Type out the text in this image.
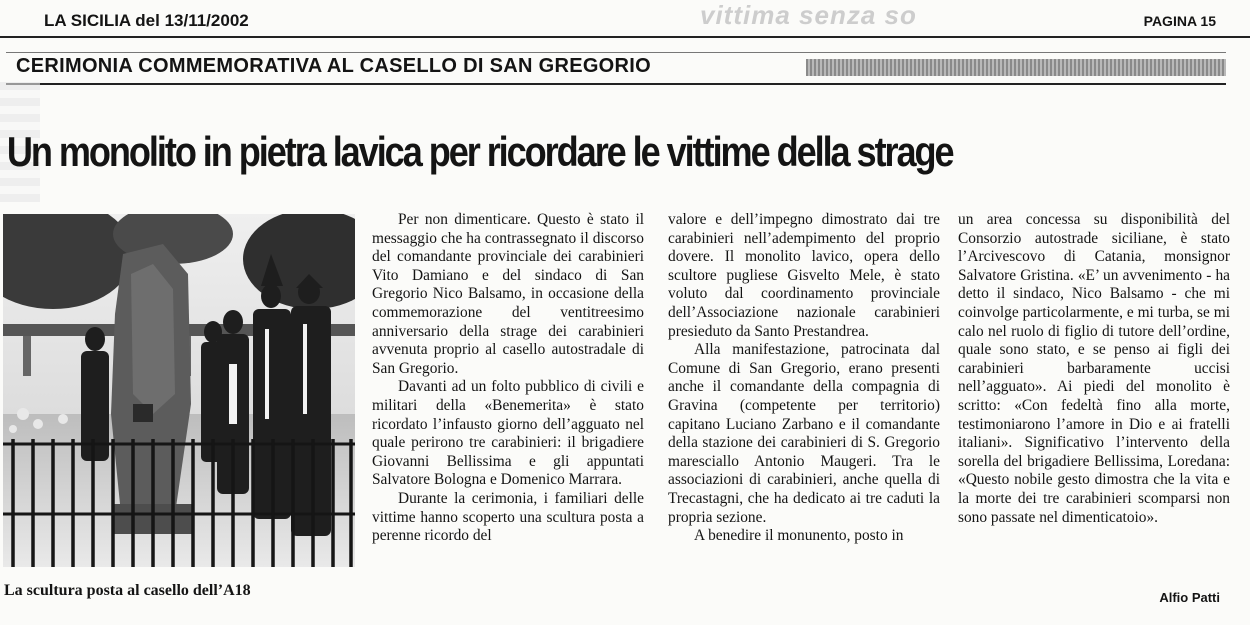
vittima senza so
LA SICILIA del 13/11/2002	PAGINA 15
CERIMONIA COMMEMORATIVA AL CASELLO DI SAN GREGORIO
Un monolito in pietra lavica per ricordare le vittime della strage
La scultura posta al casello dell’A18

Per non dimenticare. Questo è stato il messaggio che ha contrassegnato il discorso del comandante provinciale dei carabinieri Vito Damiano e del sindaco di San Gregorio Nico Balsamo, in occasione della commemorazione del ventitreesimo anniversario della strage dei carabinieri avvenuta proprio al casello autostradale di San Gregorio.

Davanti ad un folto pubblico di civili e militari della «Benemerita» è stato ricordato l’infausto giorno dell’agguato nel quale perirono tre carabinieri: il brigadiere Giovanni Bellissima e gli appuntati Salvatore Bologna e Domenico Marrara.

Durante la cerimonia, i familiari delle vittime hanno scoperto una scultura posta a perenne ricordo del

valore e dell’impegno dimostrato dai tre carabinieri nell’adempimento del proprio dovere. Il monolito lavico, opera dello scultore pugliese Gisvelto Mele, è stato voluto dal coordinamento provinciale dell’Associazione nazionale carabinieri presieduto da Santo Prestandrea.

Alla manifestazione, patrocinata dal Comune di San Gregorio, erano presenti anche il comandante della compagnia di Gravina (competente per territorio) capitano Luciano Zarbano e il comandante della stazione dei carabinieri di S. Gregorio maresciallo Antonio Maugeri. Tra le associazioni di carabinieri, anche quella di Trecastagni, che ha dedicato ai tre caduti la propria sezione.

A benedire il monunento, posto in

un area concessa su disponibilità del Consorzio autostrade siciliane, è stato l’Arcivescovo di Catania, monsignor Salvatore Gristina. «E’ un avvenimento - ha detto il sindaco, Nico Balsamo - che mi coinvolge particolarmente, e mi turba, se mi calo nel ruolo di figlio di tutore dell’ordine, quale sono stato, e se penso ai figli dei carabinieri barbaramente uccisi nell’agguato». Ai piedi del monolito è scritto: «Con fedeltà fino alla morte, testimoniarono l’amore in Dio e ai fratelli italiani». Significativo l’intervento della sorella del brigadiere Bellissima, Loredana: «Questo nobile gesto dimostra che la vita e la morte dei tre carabinieri scomparsi non sono passate nel dimenticatoio».

Alfio Patti
